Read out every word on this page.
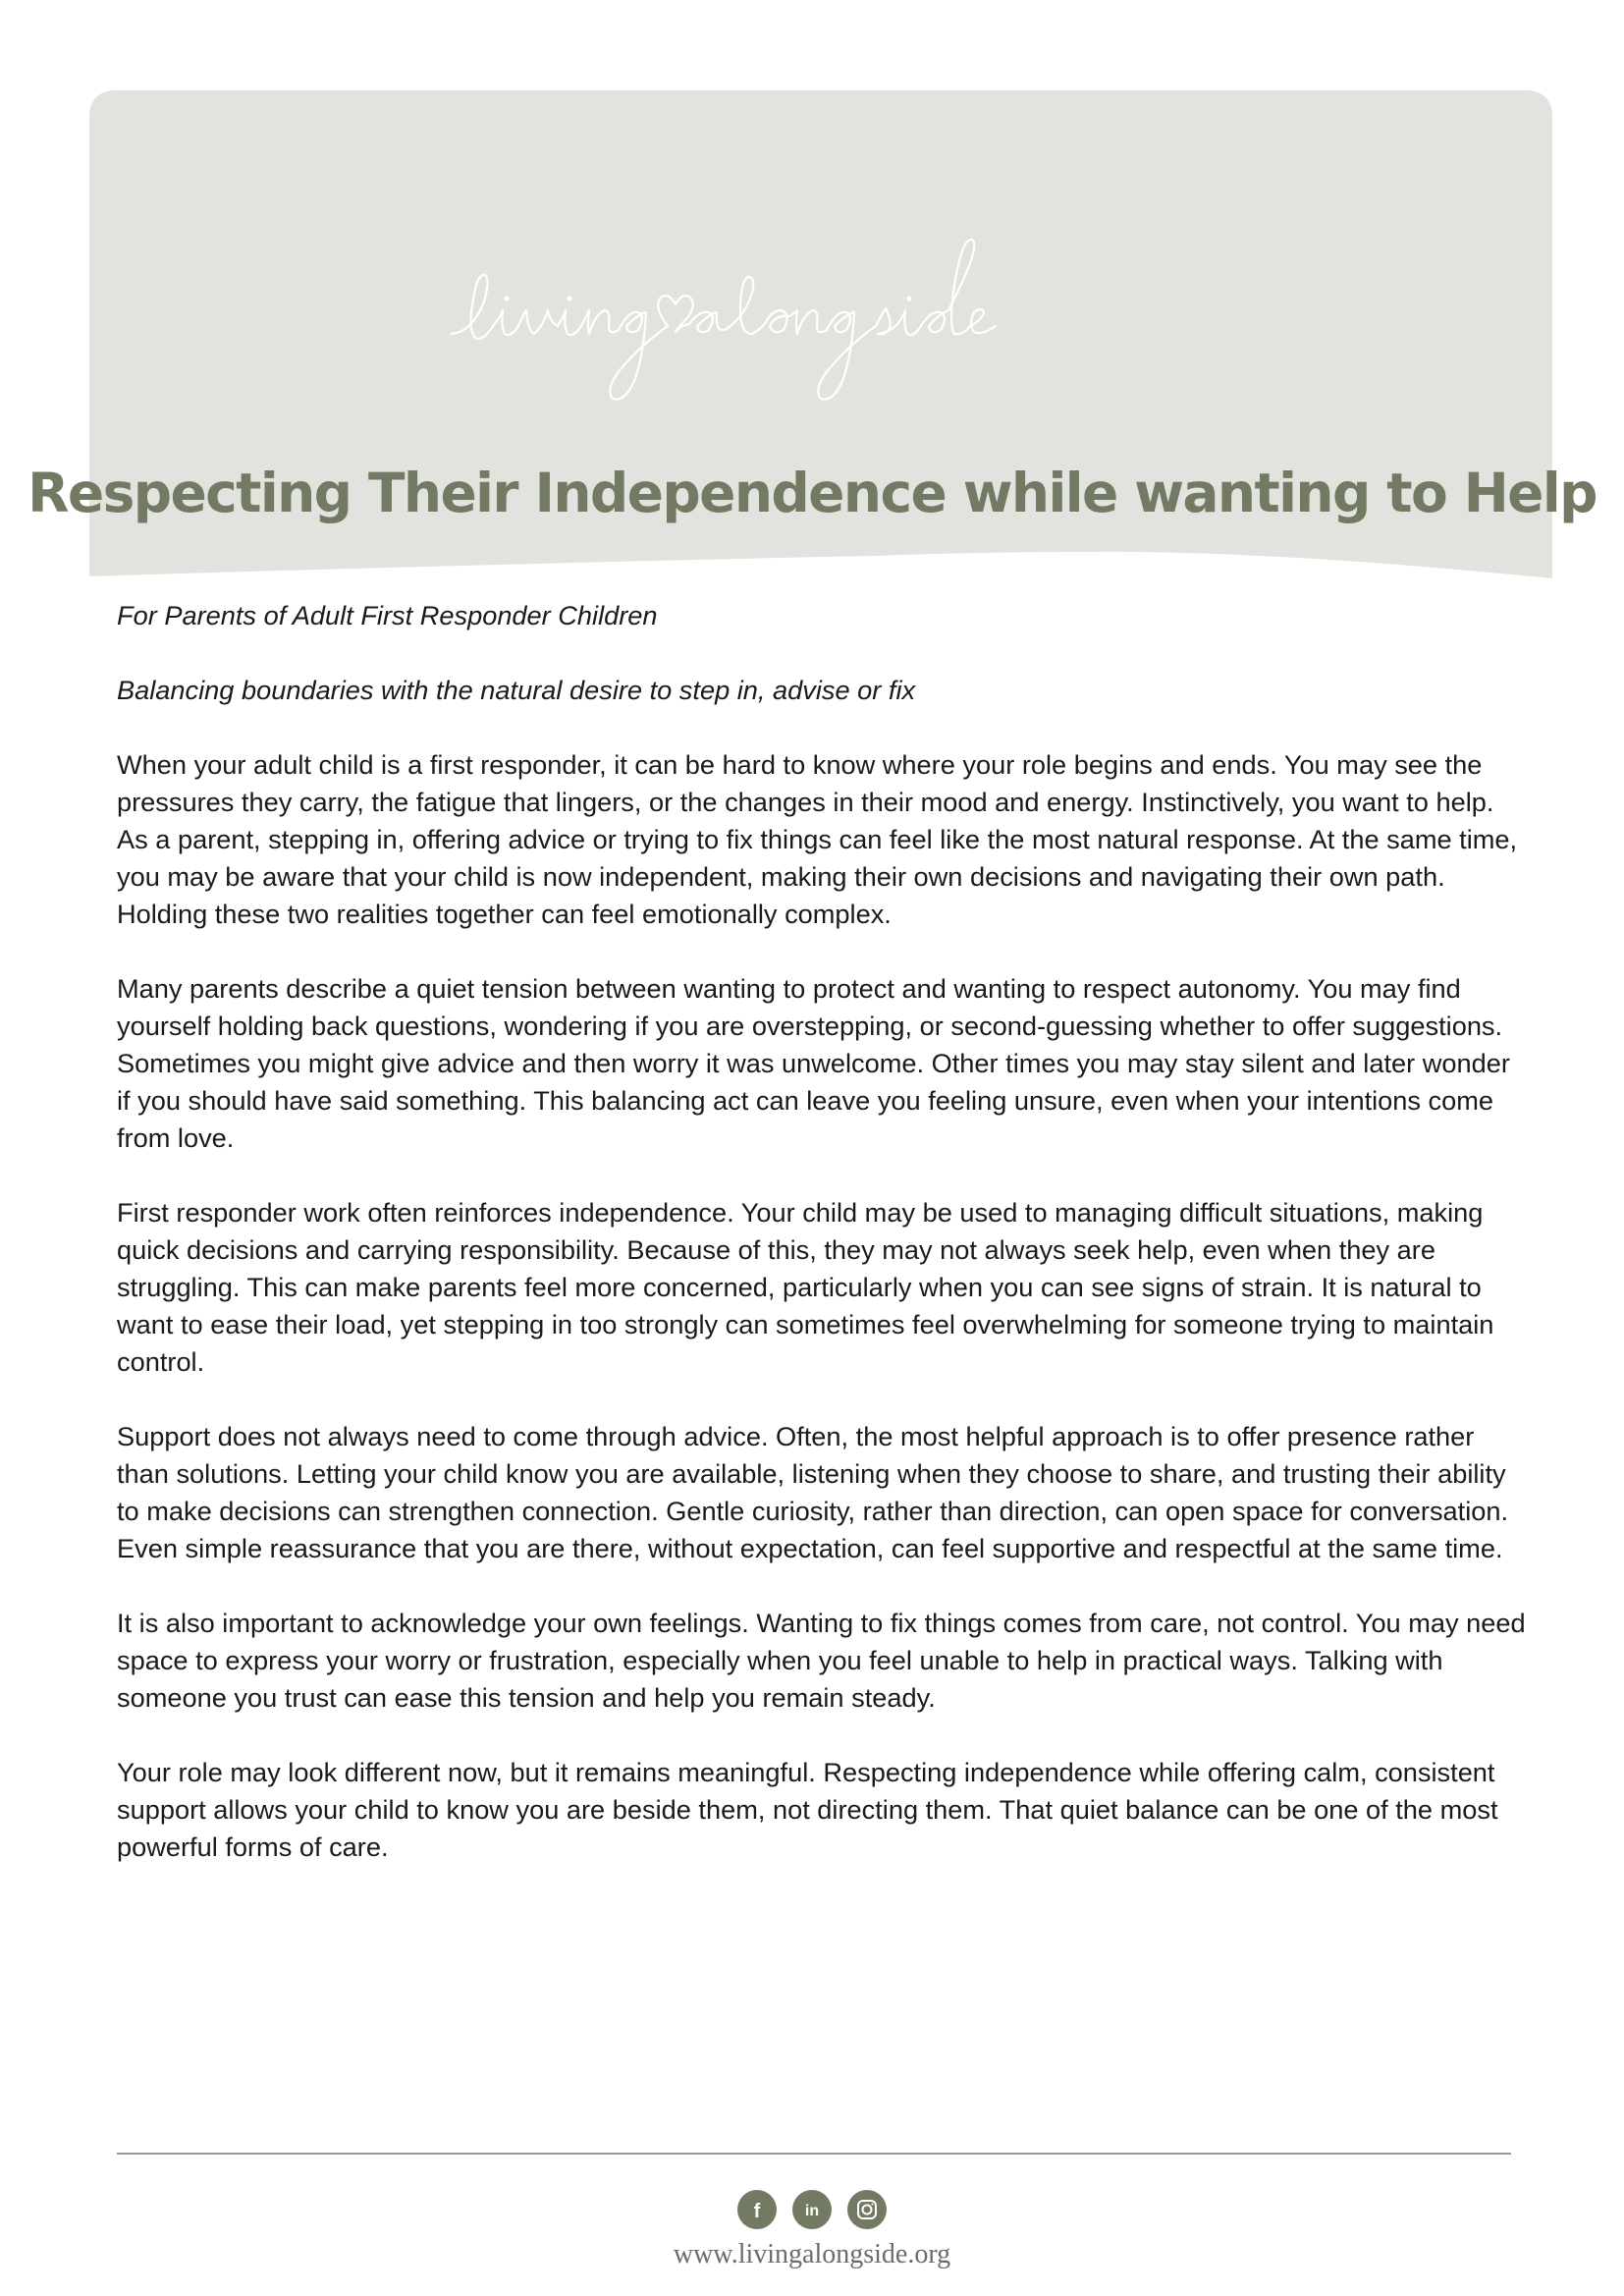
Respecting Their Independence while wanting to Help

For Parents of Adult First Responder Children

Balancing boundaries with the natural desire to step in, advise or fix

When your adult child is a first responder, it can be hard to know where your role begins and ends. You may see the pressures they carry, the fatigue that lingers, or the changes in their mood and energy. Instinctively, you want to help. As a parent, stepping in, offering advice or trying to fix things can feel like the most natural response. At the same time, you may be aware that your child is now independent, making their own decisions and navigating their own path. Holding these two realities together can feel emotionally complex.

Many parents describe a quiet tension between wanting to protect and wanting to respect autonomy. You may find yourself holding back questions, wondering if you are overstepping, or second-guessing whether to offer suggestions. Sometimes you might give advice and then worry it was unwelcome. Other times you may stay silent and later wonder if you should have said something. This balancing act can leave you feeling unsure, even when your intentions come from love.

First responder work often reinforces independence. Your child may be used to managing difficult situations, making quick decisions and carrying responsibility. Because of this, they may not always seek help, even when they are struggling. This can make parents feel more concerned, particularly when you can see signs of strain. It is natural to want to ease their load, yet stepping in too strongly can sometimes feel overwhelming for someone trying to maintain control.

Support does not always need to come through advice. Often, the most helpful approach is to offer presence rather than solutions. Letting your child know you are available, listening when they choose to share, and trusting their ability to make decisions can strengthen connection. Gentle curiosity, rather than direction, can open space for conversation. Even simple reassurance that you are there, without expectation, can feel supportive and respectful at the same time.

It is also important to acknowledge your own feelings. Wanting to fix things comes from care, not control. You may need space to express your worry or frustration, especially when you feel unable to help in practical ways. Talking with someone you trust can ease this tension and help you remain steady.

Your role may look different now, but it remains meaningful. Respecting independence while offering calm, consistent support allows your child to know you are beside them, not directing them. That quiet balance can be one of the most powerful forms of care.

f	in
www.livingalongside.org
